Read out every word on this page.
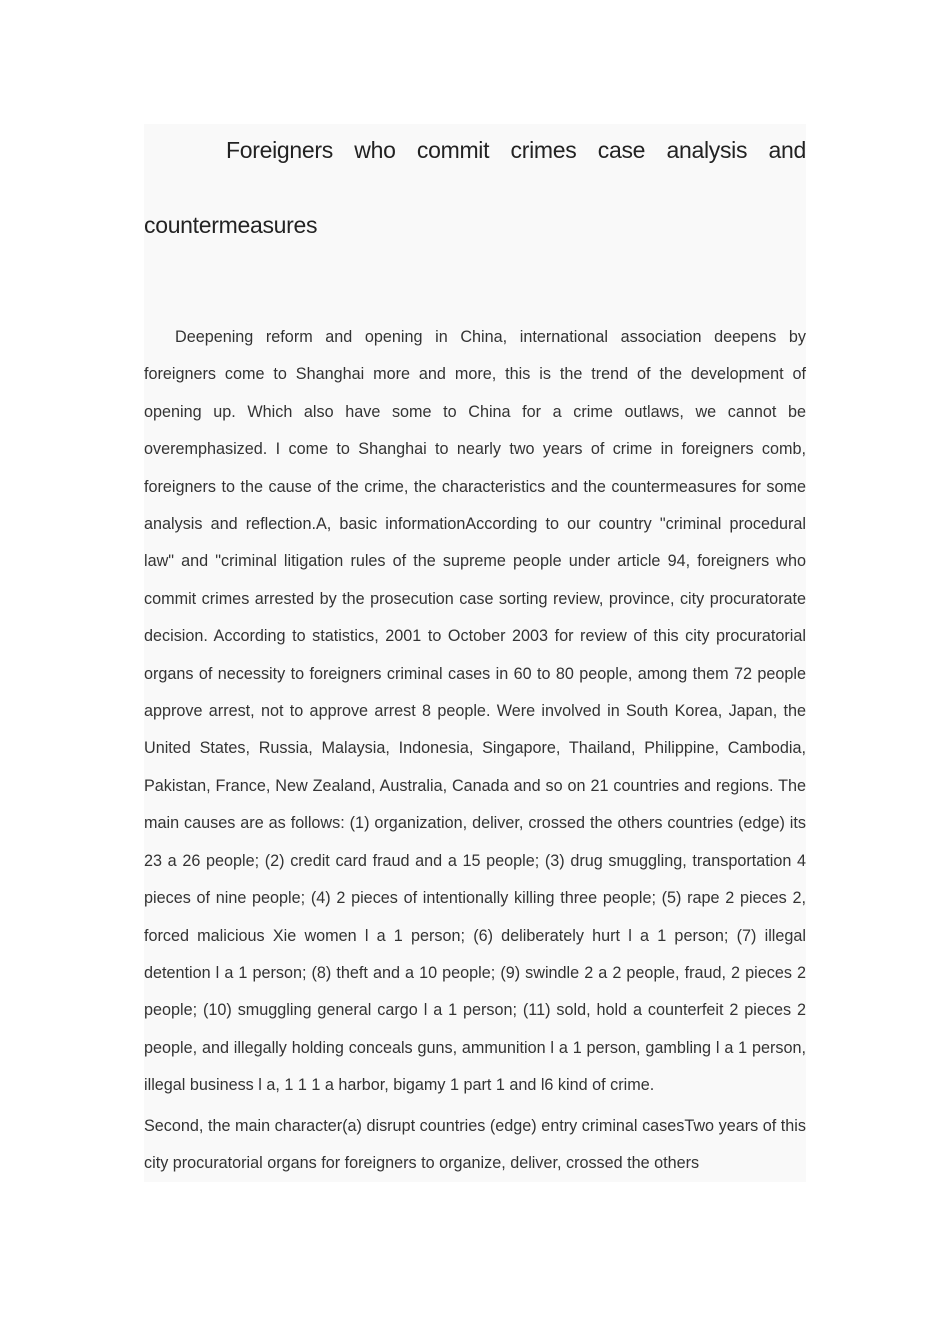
Foreigners who commit crimes case analysis and

countermeasures

Deepening reform and opening in China, international association deepens by foreigners come to Shanghai more and more, this is the trend of the development of opening up. Which also have some to China for a crime outlaws, we cannot be overemphasized. I come to Shanghai to nearly two years of crime in foreigners comb, foreigners to the cause of the crime, the characteristics and the countermeasures for some analysis and reflection.A, basic informationAccording to our country "criminal procedural law" and "criminal litigation rules of the supreme people under article 94, foreigners who commit crimes arrested by the prosecution case sorting review, province, city procuratorate decision. According to statistics, 2001 to October 2003 for review of this city procuratorial organs of necessity to foreigners criminal cases in 60 to 80 people, among them 72 people approve arrest, not to approve arrest 8 people. Were involved in South Korea, Japan, the United States, Russia, Malaysia, Indonesia, Singapore, Thailand, Philippine, Cambodia, Pakistan, France, New Zealand, Australia, Canada and so on 21 countries and regions. The main causes are as follows: (1) organization, deliver, crossed the others countries (edge) its 23 a 26 people; (2) credit card fraud and a 15 people; (3) drug smuggling, transportation 4 pieces of nine people; (4) 2 pieces of intentionally killing three people; (5) rape 2 pieces 2, forced malicious Xie women l a 1 person; (6) deliberately hurt l a 1 person; (7) illegal detention l a 1 person; (8) theft and a 10 people; (9) swindle 2 a 2 people, fraud, 2 pieces 2 people; (10) smuggling general cargo l a 1 person; (11) sold, hold a counterfeit 2 pieces 2 people, and illegally holding conceals guns, ammunition l a 1 person, gambling l a 1 person, illegal business l a, 1 1 1 a harbor, bigamy 1 part 1 and l6 kind of crime.

Second, the main character(a) disrupt countries (edge) entry criminal casesTwo years of this city procuratorial organs for foreigners to organize, deliver, crossed the others
